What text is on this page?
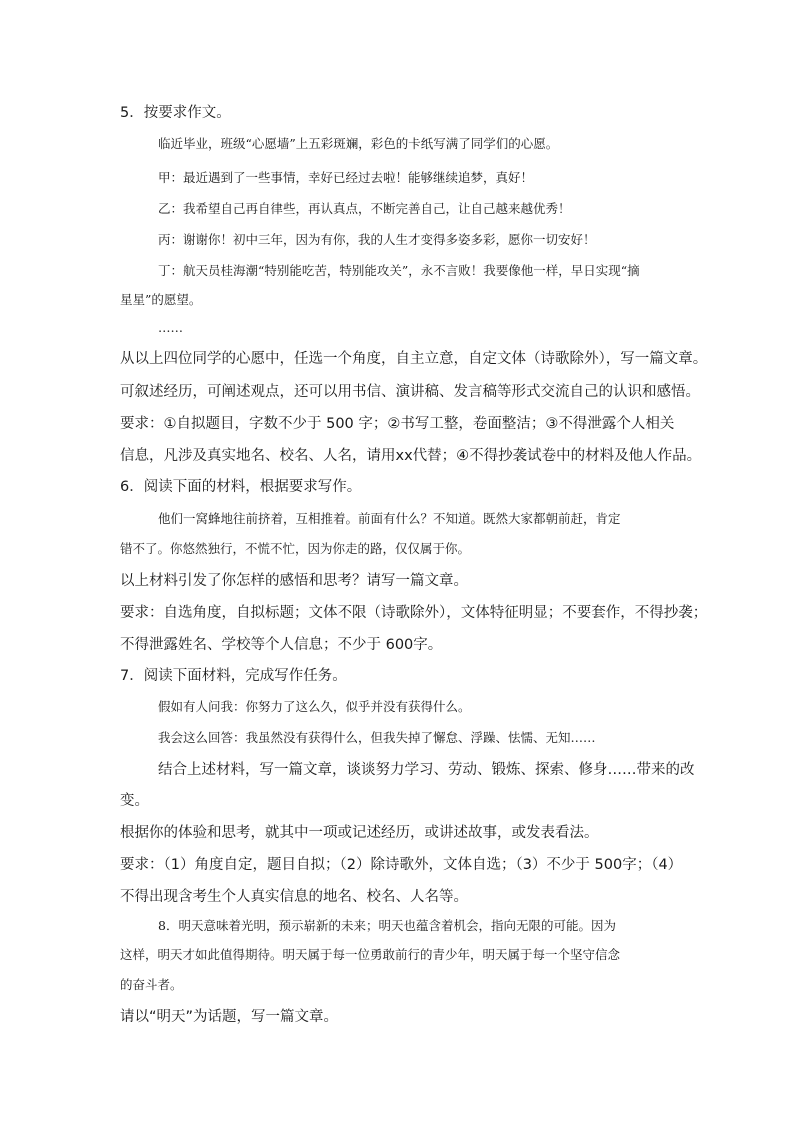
5．按要求作文。
临近毕业，班级“心愿墙”上五彩斑斓，彩色的卡纸写满了同学们的心愿。
甲：最近遇到了一些事情，幸好已经过去啦！能够继续追梦，真好！
乙：我希望自己再自律些，再认真点，不断完善自己，让自己越来越优秀！
丙：谢谢你！初中三年，因为有你，我的人生才变得多姿多彩，愿你一切安好！
丁：航天员桂海潮“特别能吃苦，特别能攻关”，永不言败！我要像他一样，早日实现“摘
星星”的愿望。
……
从以上四位同学的心愿中，任选一个角度，自主立意，自定文体（诗歌除外），写一篇文章。
可叙述经历，可阐述观点，还可以用书信、演讲稿、发言稿等形式交流自己的认识和感悟。
要求：①自拟题目，字数不少于 500 字；②书写工整，卷面整洁；③不得泄露个人相关
信息，凡涉及真实地名、校名、人名，请用xx代替；④不得抄袭试卷中的材料及他人作品。
6．阅读下面的材料，根据要求写作。
他们一窝蜂地往前挤着，互相推着。前面有什么？不知道。既然大家都朝前赶，肯定
错不了。你悠然独行，不慌不忙，因为你走的路，仅仅属于你。
以上材料引发了你怎样的感悟和思考？请写一篇文章。
要求：自选角度，自拟标题；文体不限（诗歌除外），文体特征明显；不要套作，不得抄袭；
不得泄露姓名、学校等个人信息；不少于 600字。
7．阅读下面材料，完成写作任务。
假如有人问我：你努力了这么久，似乎并没有获得什么。
我会这么回答：我虽然没有获得什么，但我失掉了懈怠、浮躁、怯懦、无知……
结合上述材料，写一篇文章，谈谈努力学习、劳动、锻炼、探索、修身……带来的改
变。
根据你的体验和思考，就其中一项或记述经历，或讲述故事，或发表看法。
要求：（1）角度自定，题目自拟；（2）除诗歌外，文体自选；（3）不少于 500字；（4）
不得出现含考生个人真实信息的地名、校名、人名等。
8．明天意味着光明，预示崭新的未来；明天也蕴含着机会，指向无限的可能。因为
这样，明天才如此值得期待。明天属于每一位勇敢前行的青少年，明天属于每一个坚守信念
的奋斗者。
请以“明天”为话题，写一篇文章。
